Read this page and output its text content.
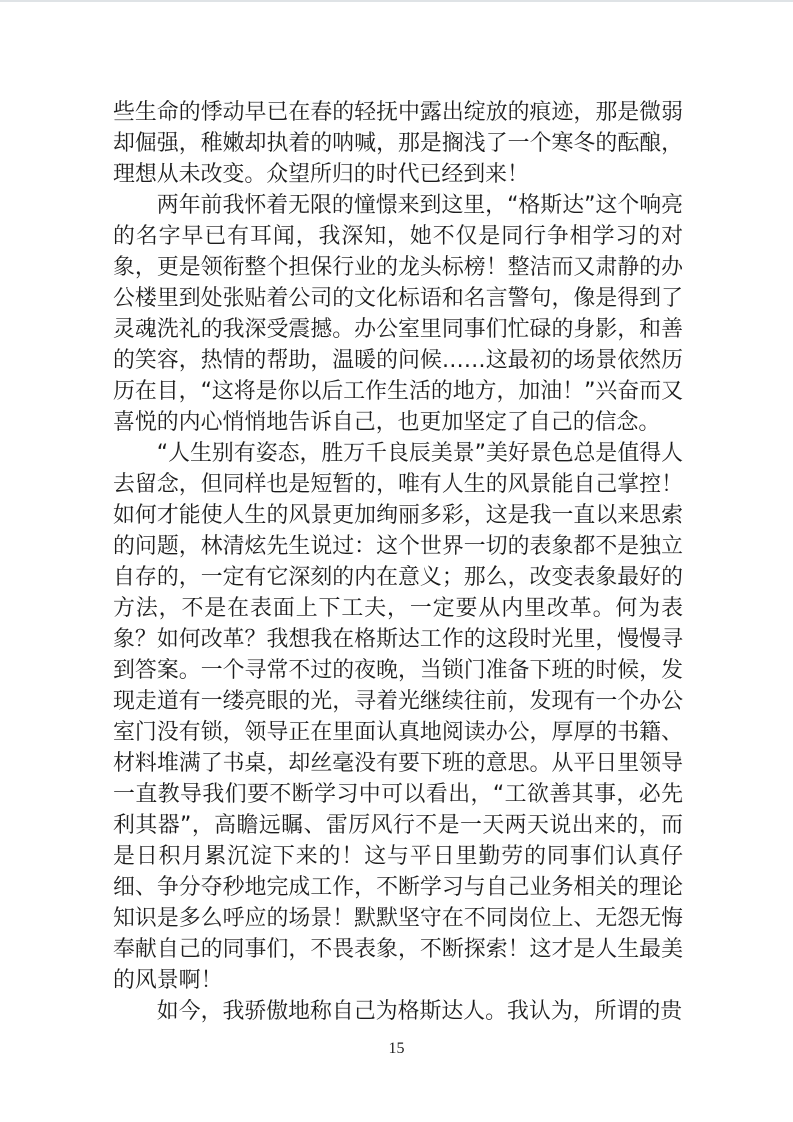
些生命的悸动早已在春的轻抚中露出绽放的痕迹，那是微弱却倔强，稚嫩却执着的呐喊，那是搁浅了一个寒冬的酝酿，理想从未改变。众望所归的时代已经到来！

两年前我怀着无限的憧憬来到这里，“格斯达”这个响亮的名字早已有耳闻，我深知，她不仅是同行争相学习的对象，更是领衔整个担保行业的龙头标榜！整洁而又肃静的办公楼里到处张贴着公司的文化标语和名言警句，像是得到了灵魂洗礼的我深受震撼。办公室里同事们忙碌的身影，和善的笑容，热情的帮助，温暖的问候……这最初的场景依然历历在目，“这将是你以后工作生活的地方，加油！”兴奋而又喜悦的内心悄悄地告诉自己，也更加坚定了自己的信念。

“人生别有姿态，胜万千良辰美景”美好景色总是值得人去留念，但同样也是短暂的，唯有人生的风景能自己掌控！如何才能使人生的风景更加绚丽多彩，这是我一直以来思索的问题，林清炫先生说过：这个世界一切的表象都不是独立自存的，一定有它深刻的内在意义；那么，改变表象最好的方法，不是在表面上下工夫，一定要从内里改革。何为表象？如何改革？我想我在格斯达工作的这段时光里，慢慢寻到答案。一个寻常不过的夜晚，当锁门准备下班的时候，发现走道有一缕亮眼的光，寻着光继续往前，发现有一个办公室门没有锁，领导正在里面认真地阅读办公，厚厚的书籍、材料堆满了书桌，却丝毫没有要下班的意思。从平日里领导一直教导我们要不断学习中可以看出，“工欲善其事，必先利其器”，高瞻远瞩、雷厉风行不是一天两天说出来的，而是日积月累沉淀下来的！这与平日里勤劳的同事们认真仔细、争分夺秒地完成工作，不断学习与自己业务相关的理论知识是多么呼应的场景！默默坚守在不同岗位上、无怨无悔奉献自己的同事们，不畏表象，不断探索！这才是人生最美的风景啊！

如今，我骄傲地称自己为格斯达人。我认为，所谓的贵

15
